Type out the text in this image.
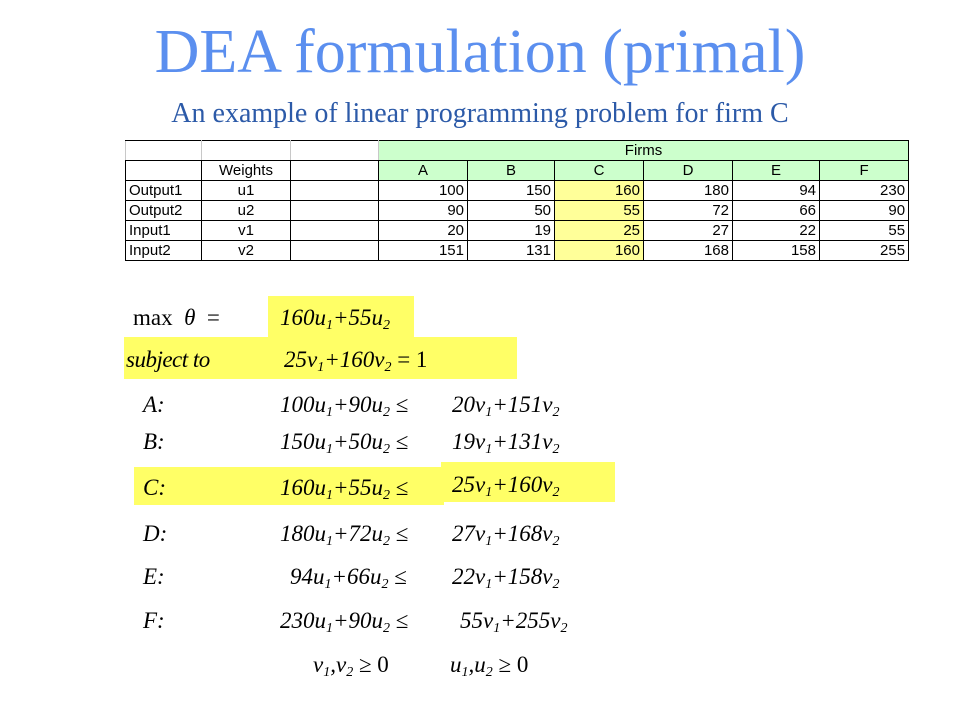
DEA formulation (primal)
An example of linear programming problem for firm C
			Firms					
	Weights		A	B	C	D	E	F
Output1	u1		100	150	160	180	94	230
Output2	u2		90	50	55	72	66	90
Input1	v1		20	19	25	27	22	55
Input2	v2		151	131	160	168	158	255
max θ =	$160u_1+55u_2$
subject to	$25v_1+160v_2 = 1$
A:	$100u_1+90u_2 \le 20v_1+151v_2$
B:	$150u_1+50u_2 \le 19v_1+131v_2$
C:	$160u_1+55u_2 \le 25v_1+160v_2$
D:	$180u_1+72u_2 \le 27v_1+168v_2$
E:	$94u_1+66u_2 \le 22v_1+158v_2$
F:	$230u_1+90u_2 \le 55v_1+255v_2$
$v_1,v_2 \ge 0$	$u_1,u_2 \ge 0$
